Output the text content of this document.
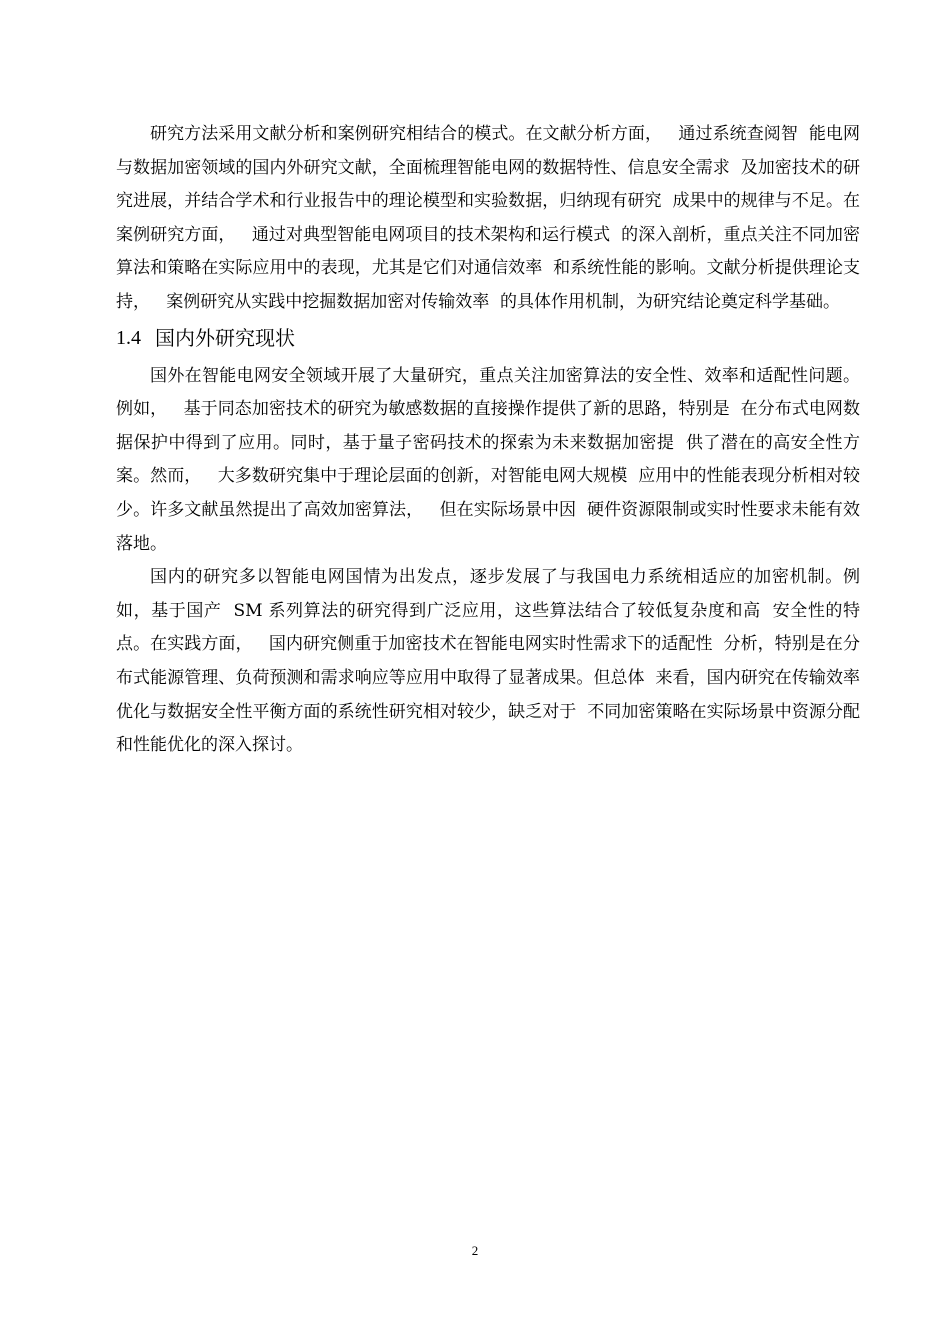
研究方法采用文献分析和案例研究相结合的模式。在文献分析方面，   通过系统查阅智  能电网与数据加密领域的国内外研究文献，全面梳理智能电网的数据特性、信息安全需求  及加密技术的研究进展，并结合学术和行业报告中的理论模型和实验数据，归纳现有研究  成果中的规律与不足。在案例研究方面，   通过对典型智能电网项目的技术架构和运行模式  的深入剖析，重点关注不同加密算法和策略在实际应用中的表现，尤其是它们对通信效率  和系统性能的影响。文献分析提供理论支持，   案例研究从实践中挖掘数据加密对传输效率  的具体作用机制，为研究结论奠定科学基础。

1.4 国内外研究现状

国外在智能电网安全领域开展了大量研究，重点关注加密算法的安全性、效率和适配性问题。例如，   基于同态加密技术的研究为敏感数据的直接操作提供了新的思路，特别是  在分布式电网数据保护中得到了应用。同时，基于量子密码技术的探索为未来数据加密提  供了潜在的高安全性方案。然而，   大多数研究集中于理论层面的创新，对智能电网大规模  应用中的性能表现分析相对较少。许多文献虽然提出了高效加密算法，   但在实际场景中因  硬件资源限制或实时性要求未能有效落地。

国内的研究多以智能电网国情为出发点，逐步发展了与我国电力系统相适应的加密机制。例如，基于国产  SM 系列算法的研究得到广泛应用，这些算法结合了较低复杂度和高  安全性的特点。在实践方面，   国内研究侧重于加密技术在智能电网实时性需求下的适配性  分析，特别是在分布式能源管理、负荷预测和需求响应等应用中取得了显著成果。但总体  来看，国内研究在传输效率优化与数据安全性平衡方面的系统性研究相对较少，缺乏对于  不同加密策略在实际场景中资源分配和性能优化的深入探讨。

2
